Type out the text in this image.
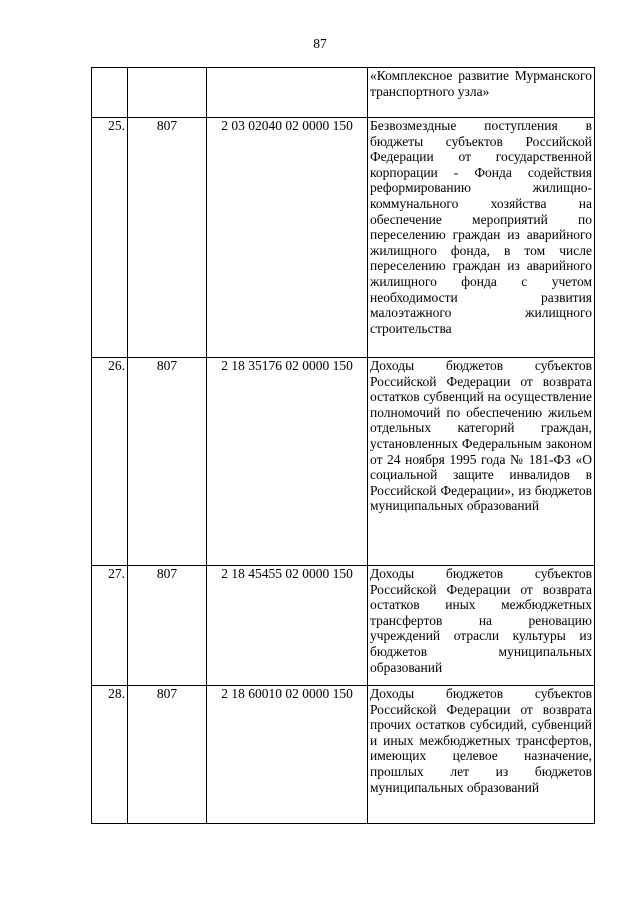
87
			«Комплексное развитие Мурманского транспортного узла»
25.	807	2 03 02040 02 0000 150	Безвозмездные поступления в бюджеты субъектов Российской Федерации от государственной корпорации - Фонда содействия реформированию жилищно-коммунального хозяйства на обеспечение мероприятий по переселению граждан из аварийного жилищного фонда, в том числе переселению граждан из аварийного жилищного фонда с учетом необходимости развития малоэтажного жилищного строительства
26.	807	2 18 35176 02 0000 150	Доходы бюджетов субъектов Российской Федерации от возврата остатков субвенций на осуществление полномочий по обеспечению жильем отдельных категорий граждан, установленных Федеральным законом от 24 ноября 1995 года № 181-ФЗ «О социальной защите инвалидов в Российской Федерации», из бюджетов муниципальных образований
27.	807	2 18 45455 02 0000 150	Доходы бюджетов субъектов Российской Федерации от возврата остатков иных межбюджетных трансфертов на реновацию учреждений отрасли культуры из бюджетов муниципальных образований
28.	807	2 18 60010 02 0000 150	Доходы бюджетов субъектов Российской Федерации от возврата прочих остатков субсидий, субвенций и иных межбюджетных трансфертов, имеющих целевое назначение, прошлых лет из бюджетов муниципальных образований
